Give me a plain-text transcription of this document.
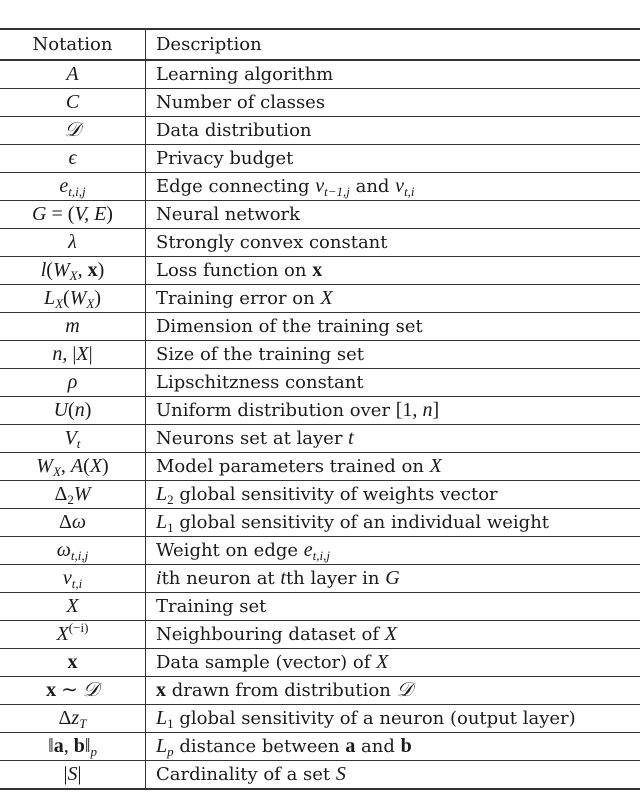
Notation	Description
A	Learning algorithm
C	Number of classes
𝒟	Data distribution
ϵ	Privacy budget
$e_{t,i,j}$	Edge connecting $v_{t-1,j}$ and $v_{t,i}$
G = (V, E)	Neural network
λ	Strongly convex constant
$l(W_X$, x)	Loss function on x
$L_X(W_X)$	Training error on X
m	Dimension of the training set
n, |X|	Size of the training set
ρ	Lipschitzness constant
U(n)	Uniform distribution over [1, n]
$V_t$	Neurons set at layer t
$W_X$, A(X)	Model parameters trained on X
$\Delta_2W$	$L_2$ global sensitivity of weights vector
Δω	$L_1$ global sensitivity of an individual weight
$\omega_{t,i,j}$	Weight on edge $e_{t,i,j}$
$v_{t,i}$	ith neuron at tth layer in G
X	Training set
$X^{(-i)}$	Neighbouring dataset of X
x	Data sample (vector) of X
x ∼ 𝒟	x drawn from distribution 𝒟
$\Delta z_T$	$L_1$ global sensitivity of a neuron (output layer)
‖a, $b‖_p$	$L_p$ distance between a and b
|S|	Cardinality of a set S
